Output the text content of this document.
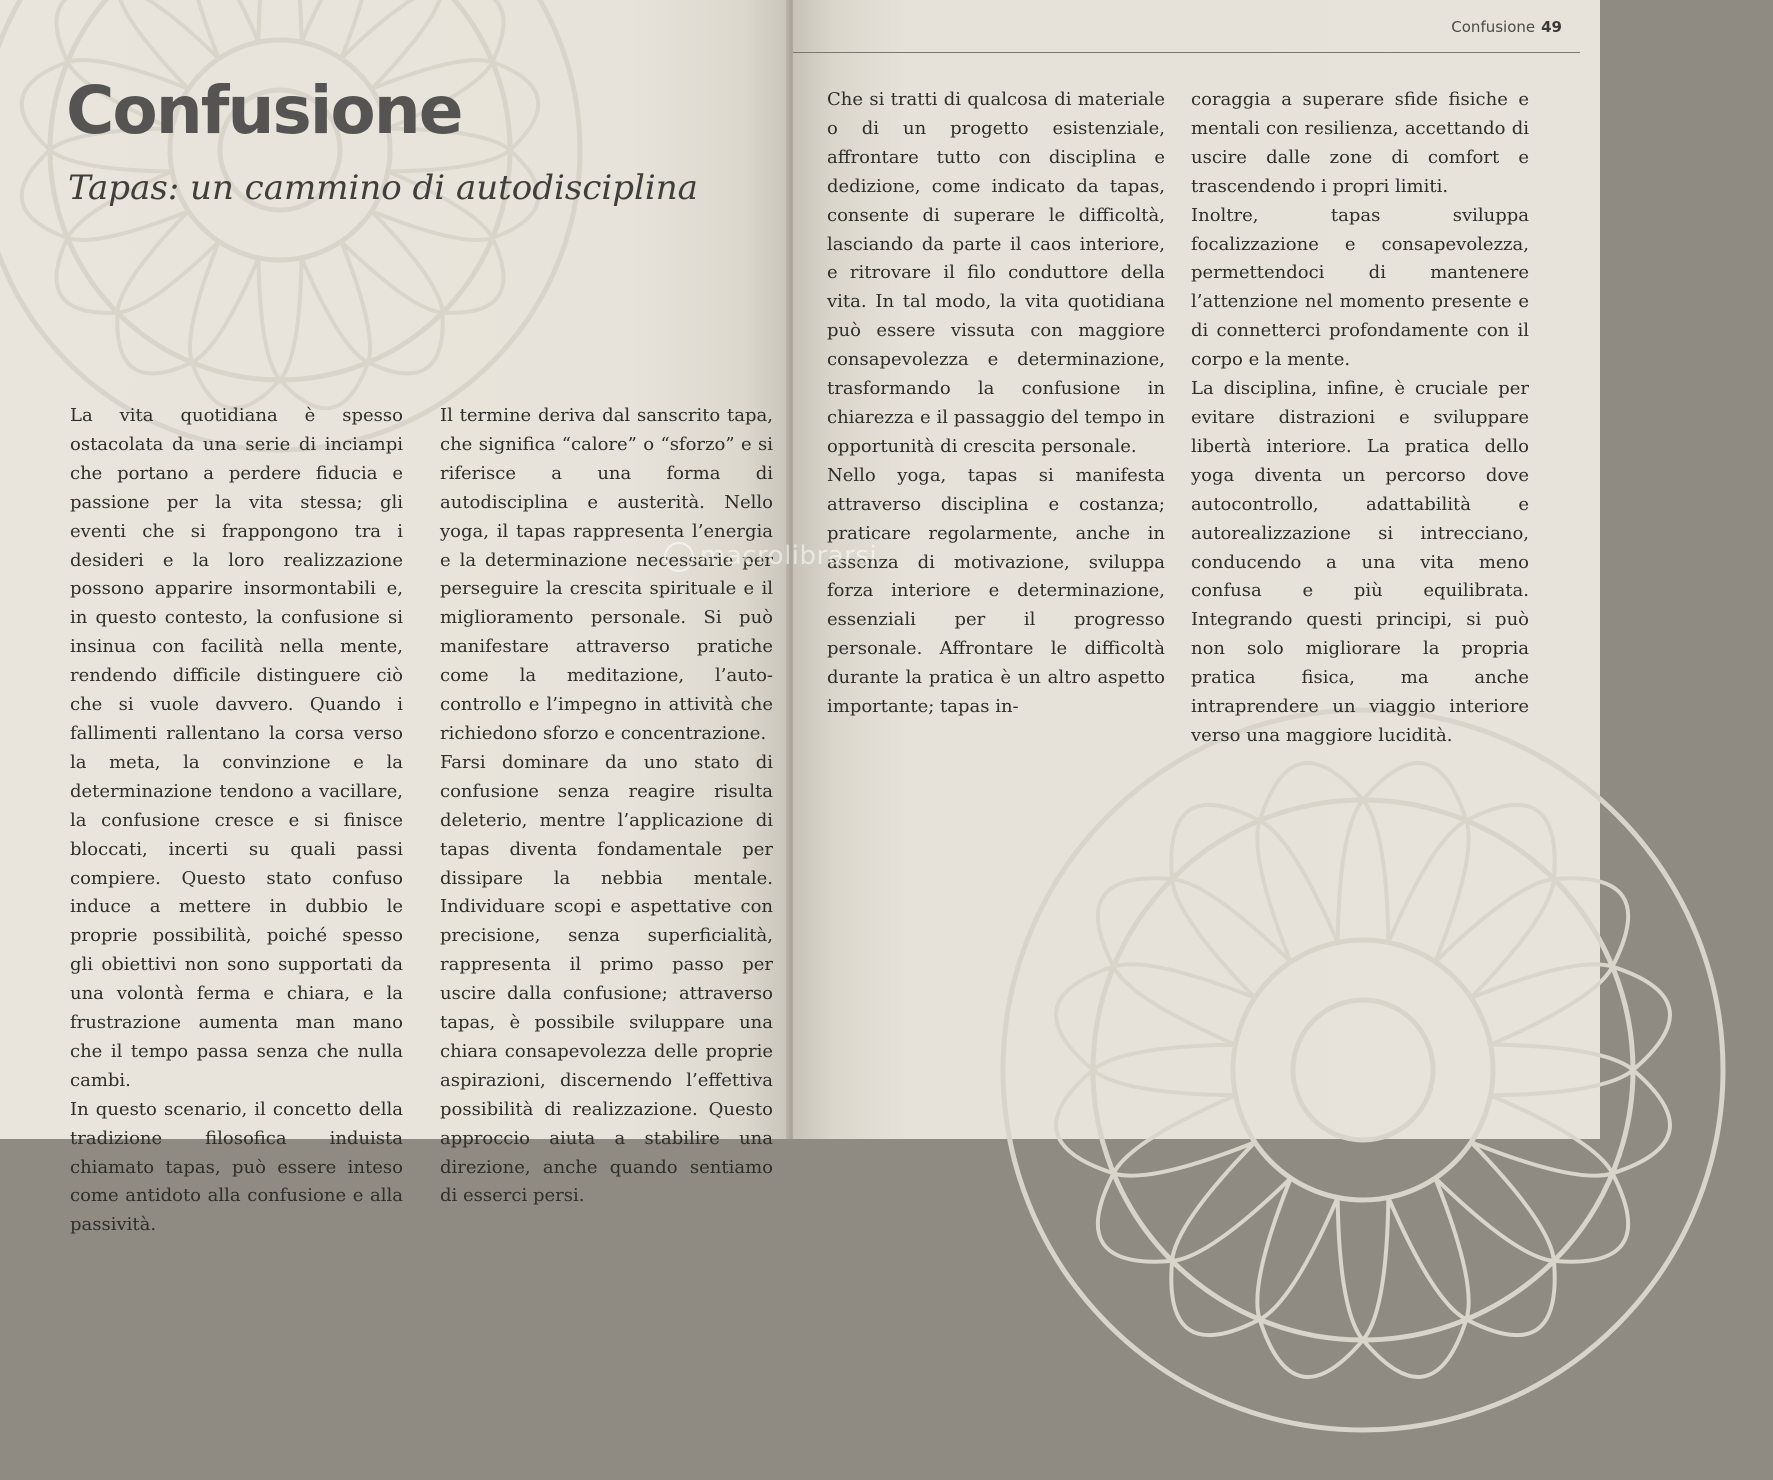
Confusione
Tapas: un cammino di autodisciplina

La vita quotidiana è spesso ostacolata da una serie di inciampi che portano a perdere fiducia e passione per la vita stessa; gli eventi che si frappongono tra i desideri e la loro realizzazione possono apparire insormontabili e, in questo contesto, la confusione si insinua con facilità nella mente, rendendo difficile distinguere ciò che si vuole davvero. Quando i fallimenti rallentano la corsa verso la meta, la convinzione e la determinazione tendono a vacillare, la confusione cresce e si finisce bloccati, incerti su quali passi compiere. Questo stato confuso induce a mettere in dubbio le proprie possibilità, poiché spesso gli obiettivi non sono supportati da una volontà ferma e chiara, e la frustrazione aumenta man mano che il tempo passa senza che nulla cambi.

In questo scenario, il concetto della tradizione filosofica induista chiamato tapas, può essere inteso come antidoto alla confusione e alla passività.

Il termine deriva dal sanscrito tapa, che significa “calore” o “sforzo” e si riferisce a una forma di autodisciplina e austerità. Nello yoga, il tapas rappresenta l’energia e la determinazione necessarie per perseguire la crescita spirituale e il miglioramento personale. Si può manifestare attraverso pratiche come la meditazione, l’auto-controllo e l’impegno in attività che richiedono sforzo e concentrazione.

Farsi dominare da uno stato di confusione senza reagire risulta deleterio, mentre l’applicazione di tapas diventa fondamentale per dissipare la nebbia mentale. Individuare scopi e aspettative con precisione, senza superficialità, rappresenta il primo passo per uscire dalla confusione; attraverso tapas, è possibile sviluppare una chiara consapevolezza delle proprie aspirazioni, discernendo l’effettiva possibilità di realizzazione. Questo approccio aiuta a stabilire una direzione, anche quando sentiamo di esserci persi.

Confusione 49

Che si tratti di qualcosa di materiale o di un progetto esistenziale, affrontare tutto con disciplina e dedizione, come indicato da tapas, consente di superare le difficoltà, lasciando da parte il caos interiore, e ritrovare il filo conduttore della vita. In tal modo, la vita quotidiana può essere vissuta con maggiore consapevolezza e determinazione, trasformando la confusione in chiarezza e il passaggio del tempo in opportunità di crescita personale.

Nello yoga, tapas si manifesta attraverso disciplina e costanza; praticare regolarmente, anche in assenza di motivazione, sviluppa forza interiore e determinazione, essenziali per il progresso personale. Affrontare le difficoltà durante la pratica è un altro aspetto importante; tapas in-

coraggia a superare sfide fisiche e mentali con resilienza, accettando di uscire dalle zone di comfort e trascendendo i propri limiti.

Inoltre, tapas sviluppa focalizzazione e consapevolezza, permettendoci di mantenere l’attenzione nel momento presente e di connetterci profondamente con il corpo e la mente.

La disciplina, infine, è cruciale per evitare distrazioni e sviluppare libertà interiore. La pratica dello yoga diventa un percorso dove autocontrollo, adattabilità e autorealizzazione si intrecciano, conducendo a una vita meno confusa e più equilibrata. Integrando questi principi, si può non solo migliorare la propria pratica fisica, ma anche intraprendere un viaggio interiore verso una maggiore lucidità.

macrolibrarsi
